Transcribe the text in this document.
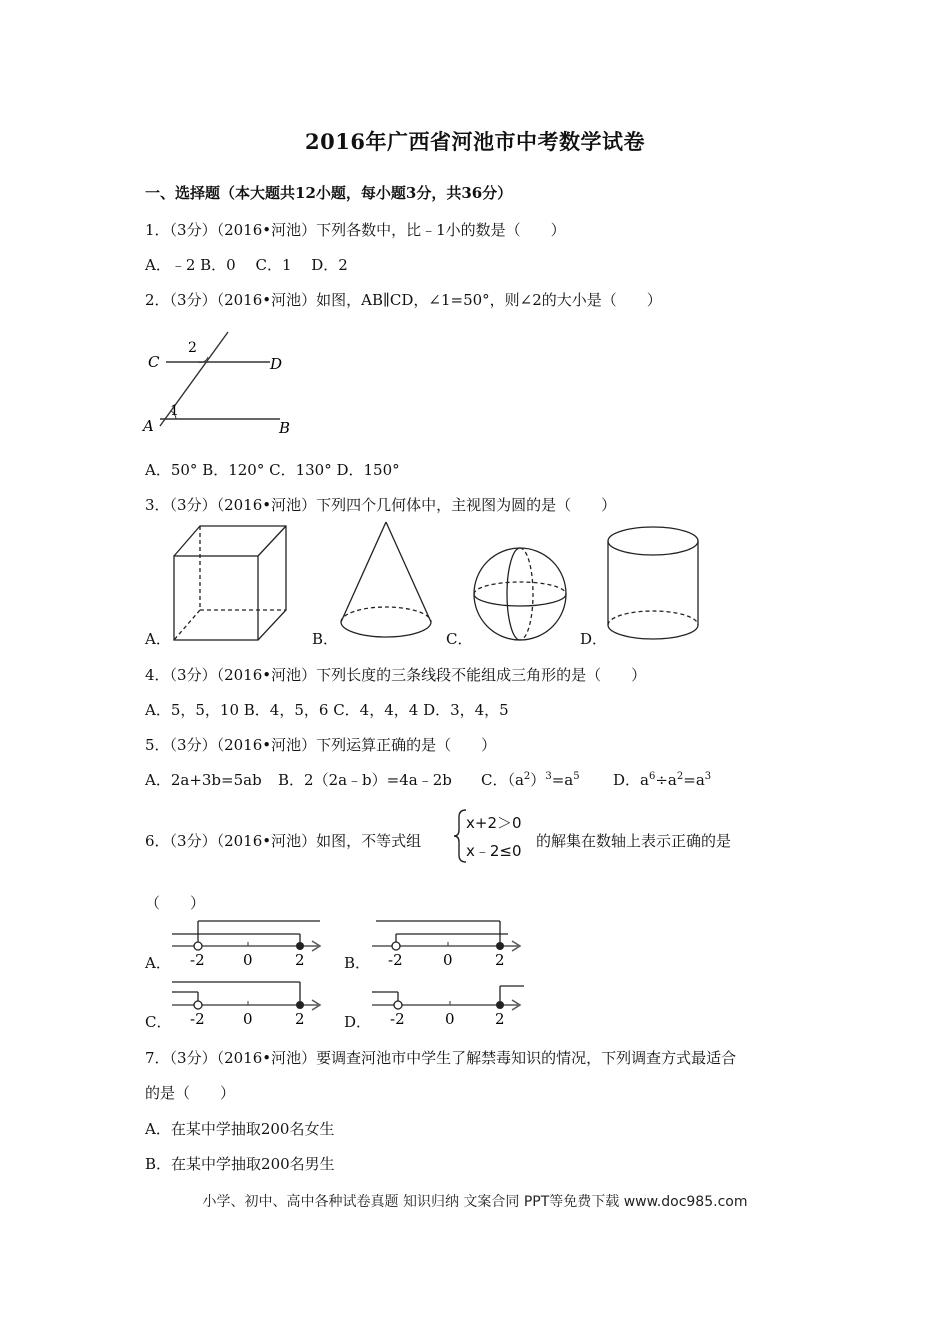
2016年广西省河池市中考数学试卷
一、选择题（本大题共12小题，每小题3分，共36分）
1．（3分）（2016•河池）下列各数中，比﹣1小的数是（　　）
A．﹣2 B．0　 C．1　 D．2
2．（3分）（2016•河池）如图，AB∥CD，∠1=50°，则∠2的大小是（　　）
C	D
A	B
1
2
A．50° B．120° C．130° D．150°
3．（3分）（2016•河池）下列四个几何体中，主视图为圆的是（　　）
A．	B．	C．	D．
4．（3分）（2016•河池）下列长度的三条线段不能组成三角形的是（　　）
A．5，5，10 B．4，5，6 C．4，4，4 D．3，4，5
5．（3分）（2016•河池）下列运算正确的是（　　）
A．2a+3b=5ab B．2（2a﹣b）=4a﹣2b C．$(a^2)^3=a^5$ D．$a^6\div a^2=a^3$
6．（3分）（2016•河池）如图，不等式组
x+2＞0
x﹣2≤0
的解集在数轴上表示正确的是
（　　）
-2	0	2
A．	-2	0	2
B．
-2	0	2
C．	-2	0	2
D．
7．（3分）（2016•河池）要调查河池市中学生了解禁毒知识的情况，下列调查方式最适合
的是（　　）
A．在某中学抽取200名女生
B．在某中学抽取200名男生
小学、初中、高中各种试卷真题 知识归纳 文案合同 PPT等免费下载 www.doc985.com
